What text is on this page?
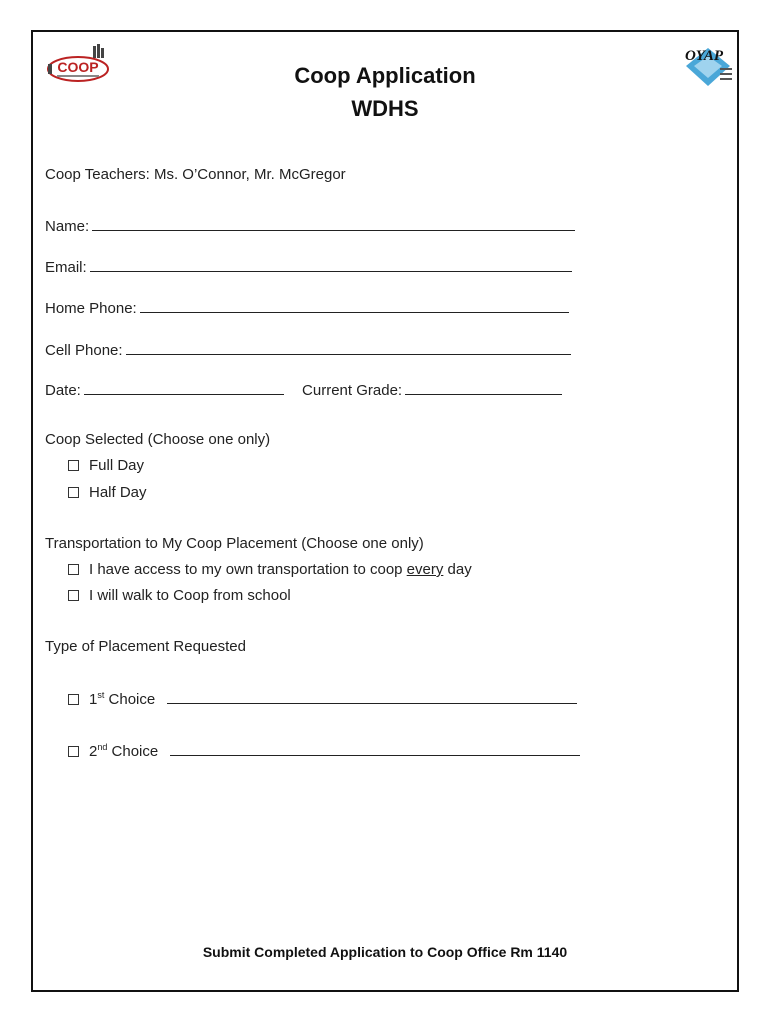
COOP
OYAP
Coop Application
WDHS
Coop Teachers: Ms. O’Connor, Mr. McGregor
Name:
Email:
Home Phone:
Cell Phone:
Date:	Current Grade:
Coop Selected (Choose one only)
Full Day
Half Day
Transportation to My Coop Placement (Choose one only)
I have access to my own transportation to coop every day
I will walk to Coop from school
Type of Placement Requested
1st Choice
2nd Choice
Submit Completed Application to Coop Office Rm 1140
